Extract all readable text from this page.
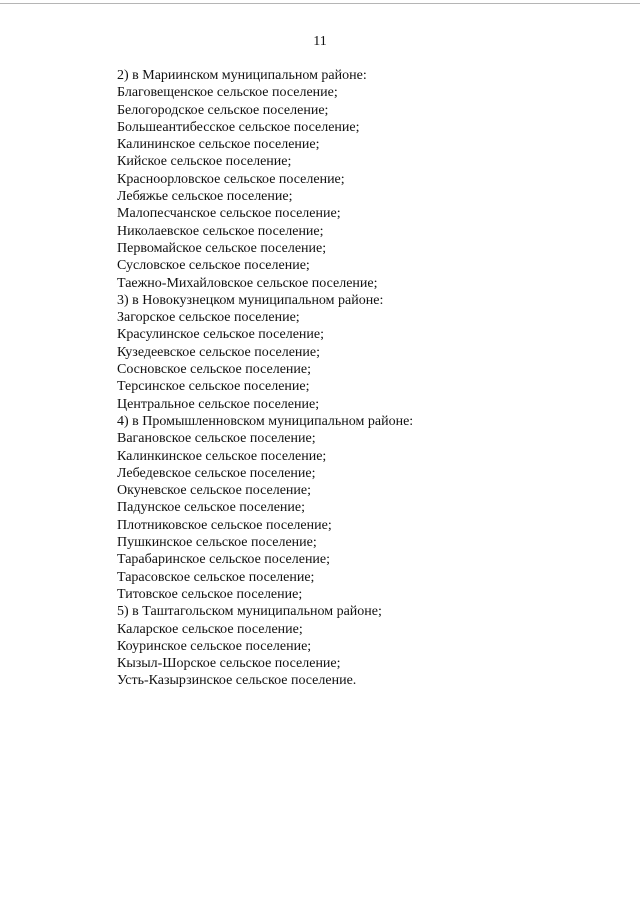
11
2) в Мариинском муниципальном районе:
Благовещенское сельское поселение;
Белогородское сельское поселение;
Большеантибесское сельское поселение;
Калининское сельское поселение;
Кийское сельское поселение;
Красноорловское сельское поселение;
Лебяжье сельское поселение;
Малопесчанское сельское поселение;
Николаевское сельское поселение;
Первомайское сельское поселение;
Сусловское сельское поселение;
Таежно-Михайловское сельское поселение;
3) в Новокузнецком муниципальном районе:
Загорское сельское поселение;
Красулинское сельское поселение;
Кузедеевское сельское поселение;
Сосновское сельское поселение;
Терсинское сельское поселение;
Центральное сельское поселение;
4) в Промышленновском муниципальном районе:
Вагановское сельское поселение;
Калинкинское сельское поселение;
Лебедевское сельское поселение;
Окуневское сельское поселение;
Падунское сельское поселение;
Плотниковское сельское поселение;
Пушкинское сельское поселение;
Тарабаринское сельское поселение;
Тарасовское сельское поселение;
Титовское сельское поселение;
5) в Таштагольском муниципальном районе;
Каларское сельское поселение;
Коуринское сельское поселение;
Кызыл-Шорское сельское поселение;
Усть-Казырзинское сельское поселение.
